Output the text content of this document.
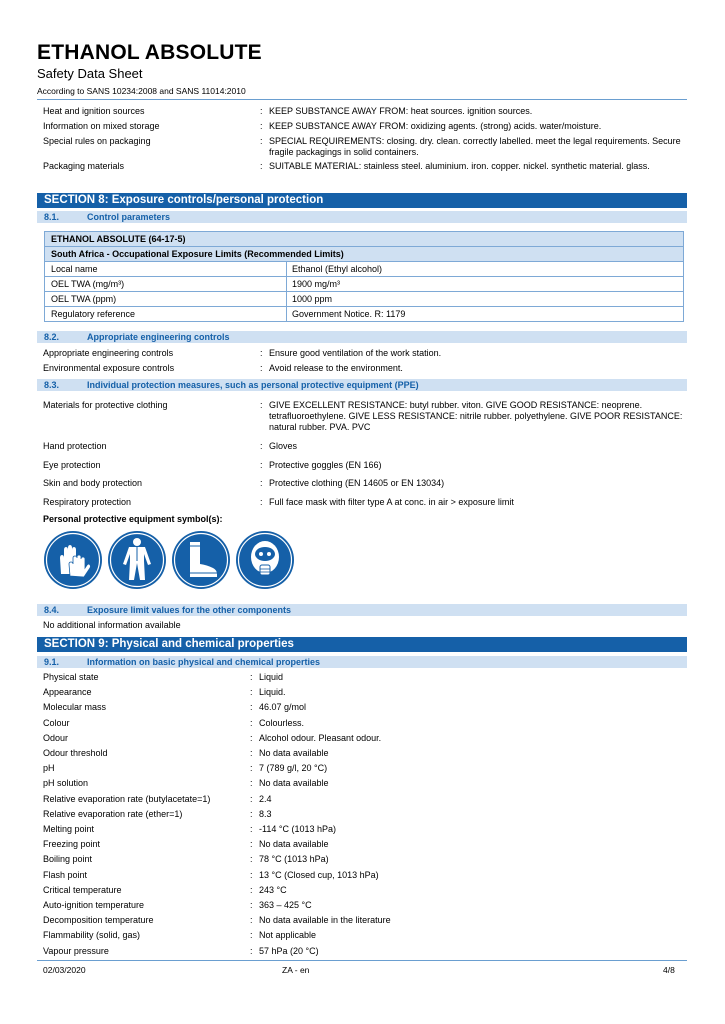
ETHANOL ABSOLUTE
Safety Data Sheet
According to SANS 10234:2008 and SANS 11014:2010
Heat and ignition sources	: KEEP SUBSTANCE AWAY FROM: heat sources. ignition sources.
Information on mixed storage	: KEEP SUBSTANCE AWAY FROM: oxidizing agents. (strong) acids. water/moisture.
Special rules on packaging	: SPECIAL REQUIREMENTS: closing. dry. clean. correctly labelled. meet the legal requirements. Secure fragile packagings in solid containers.
Packaging materials	: SUITABLE MATERIAL: stainless steel. aluminium. iron. copper. nickel. synthetic material. glass.
SECTION 8: Exposure controls/personal protection
8.1.	Control parameters
ETHANOL ABSOLUTE (64-17-5)
South Africa - Occupational Exposure Limits (Recommended Limits)
Local name	Ethanol (Ethyl alcohol)
OEL TWA (mg/m³)	1900 mg/m³
OEL TWA (ppm)	1000 ppm
Regulatory reference	Government Notice. R: 1179
8.2.	Appropriate engineering controls
Appropriate engineering controls	: Ensure good ventilation of the work station.
Environmental exposure controls	: Avoid release to the environment.
8.3.	Individual protection measures, such as personal protective equipment (PPE)
Materials for protective clothing	: GIVE EXCELLENT RESISTANCE: butyl rubber. viton. GIVE GOOD RESISTANCE: neoprene. tetrafluoroethylene. GIVE LESS RESISTANCE: nitrile rubber. polyethylene. GIVE POOR RESISTANCE: natural rubber. PVA. PVC
Hand protection	: Gloves
Eye protection	: Protective goggles (EN 166)
Skin and body protection	: Protective clothing (EN 14605 or EN 13034)
Respiratory protection	: Full face mask with filter type A at conc. in air > exposure limit
Personal protective equipment symbol(s):
8.4.	Exposure limit values for the other components
No additional information available
SECTION 9: Physical and chemical properties
9.1.	Information on basic physical and chemical properties
Physical state	: Liquid
Appearance	: Liquid.
Molecular mass	: 46.07 g/mol
Colour	: Colourless.
Odour	: Alcohol odour. Pleasant odour.
Odour threshold	: No data available
pH	: 7 (789 g/l, 20 °C)
pH solution	: No data available
Relative evaporation rate (butylacetate=1)	: 2.4
Relative evaporation rate (ether=1)	: 8.3
Melting point	: -114 °C (1013 hPa)
Freezing point	: No data available
Boiling point	: 78 °C (1013 hPa)
Flash point	: 13 °C (Closed cup, 1013 hPa)
Critical temperature	: 243 °C
Auto-ignition temperature	: 363 – 425 °C
Decomposition temperature	: No data available in the literature
Flammability (solid, gas)	: Not applicable
Vapour pressure	: 57 hPa (20 °C)
02/03/2020	ZA - en	4/8
